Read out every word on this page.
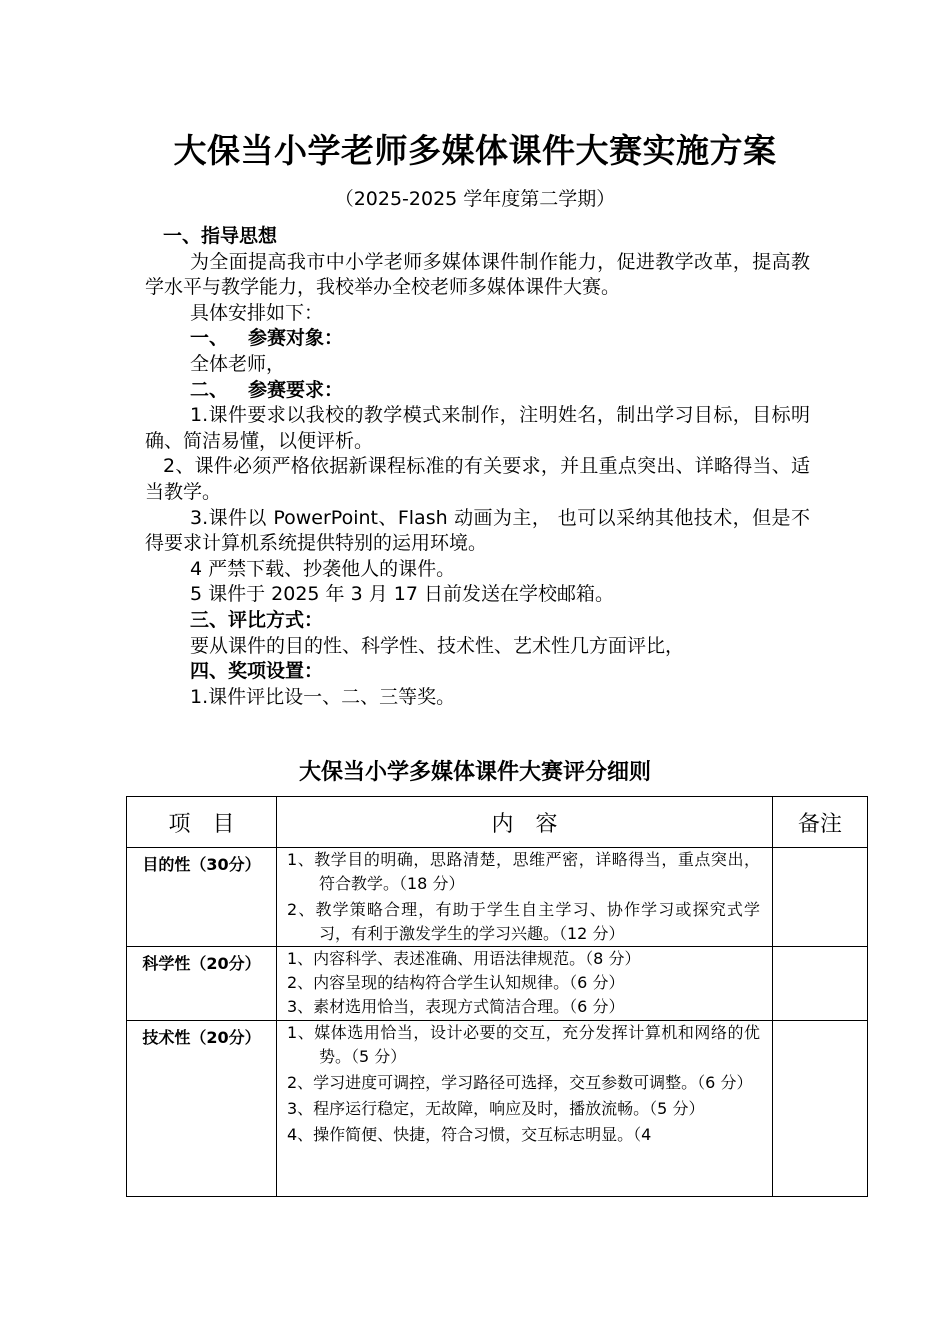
大保当小学老师多媒体课件大赛实施方案
（2025-2025 学年度第二学期）

一、指导思想

为全面提高我市中小学老师多媒体课件制作能力，促进教学改革，提高教学水平与教学能力，我校举办全校老师多媒体课件大赛。

具体安排如下：

一、 参赛对象：

全体老师，

二、 参赛要求：

1.课件要求以我校的教学模式来制作，注明姓名，制出学习目标，目标明确、简洁易懂，以便评析。

2、课件必须严格依据新课程标准的有关要求，并且重点突出、详略得当、适当教学。

3.课件以 PowerPoint、Flash 动画为主， 也可以采纳其他技术，但是不得要求计算机系统提供特别的运用环境。

4 严禁下载、抄袭他人的课件。

5 课件于 2025 年 3 月 17 日前发送在学校邮箱。

三、评比方式：

要从课件的目的性、科学性、技术性、艺术性几方面评比，

四、奖项设置：

1.课件评比设一、二、三等奖。

大保当小学多媒体课件大赛评分细则
项　目	内　容	备注
目的性（30分）	1、教学目的明确，思路清楚，思维严密，详略得当，重点突出，符合教学。（18 分）
2、教学策略合理，有助于学生自主学习、协作学习或探究式学习，有利于激发学生的学习兴趣。（12 分）	

科学性（20分）	1、内容科学、表述准确、用语法律规范。（8 分）
2、内容呈现的结构符合学生认知规律。（6 分）
3、素材选用恰当，表现方式简洁合理。（6 分）	

技术性（20分）	1、媒体选用恰当，设计必要的交互，充分发挥计算机和网络的优势。（5 分）
2、学习进度可调控，学习路径可选择，交互参数可调整。（6 分）
3、程序运行稳定，无故障，响应及时，播放流畅。（5 分）
4、操作简便、快捷，符合习惯，交互标志明显。（4	
